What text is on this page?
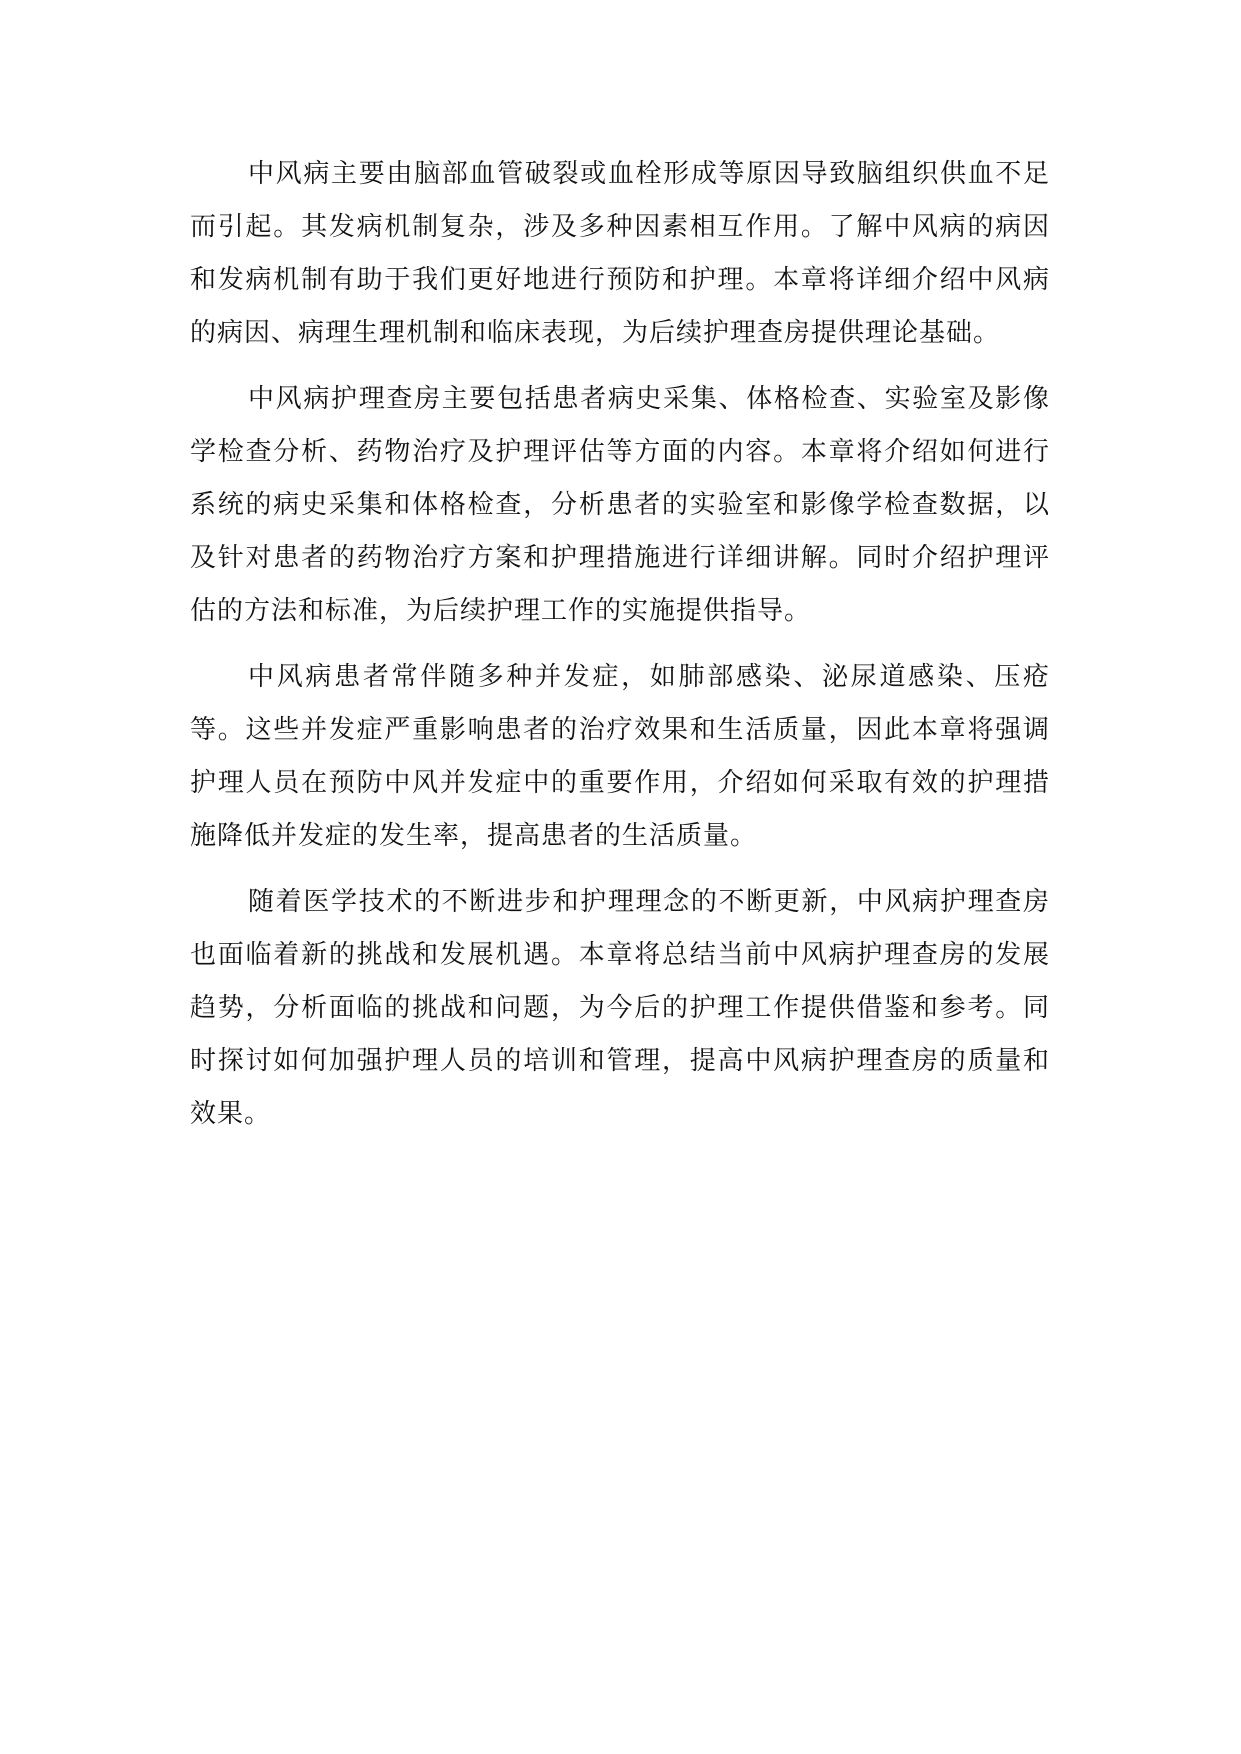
中风病主要由脑部血管破裂或血栓形成等原因导致脑组织供血不足而引起。其发病机制复杂，涉及多种因素相互作用。了解中风病的病因和发病机制有助于我们更好地进行预防和护理。本章将详细介绍中风病的病因、病理生理机制和临床表现，为后续护理查房提供理论基础。

中风病护理查房主要包括患者病史采集、体格检查、实验室及影像学检查分析、药物治疗及护理评估等方面的内容。本章将介绍如何进行系统的病史采集和体格检查，分析患者的实验室和影像学检查数据，以及针对患者的药物治疗方案和护理措施进行详细讲解。同时介绍护理评估的方法和标准，为后续护理工作的实施提供指导。

中风病患者常伴随多种并发症，如肺部感染、泌尿道感染、压疮等。这些并发症严重影响患者的治疗效果和生活质量，因此本章将强调护理人员在预防中风并发症中的重要作用，介绍如何采取有效的护理措施降低并发症的发生率，提高患者的生活质量。

随着医学技术的不断进步和护理理念的不断更新，中风病护理查房也面临着新的挑战和发展机遇。本章将总结当前中风病护理查房的发展趋势，分析面临的挑战和问题，为今后的护理工作提供借鉴和参考。同时探讨如何加强护理人员的培训和管理，提高中风病护理查房的质量和效果。
